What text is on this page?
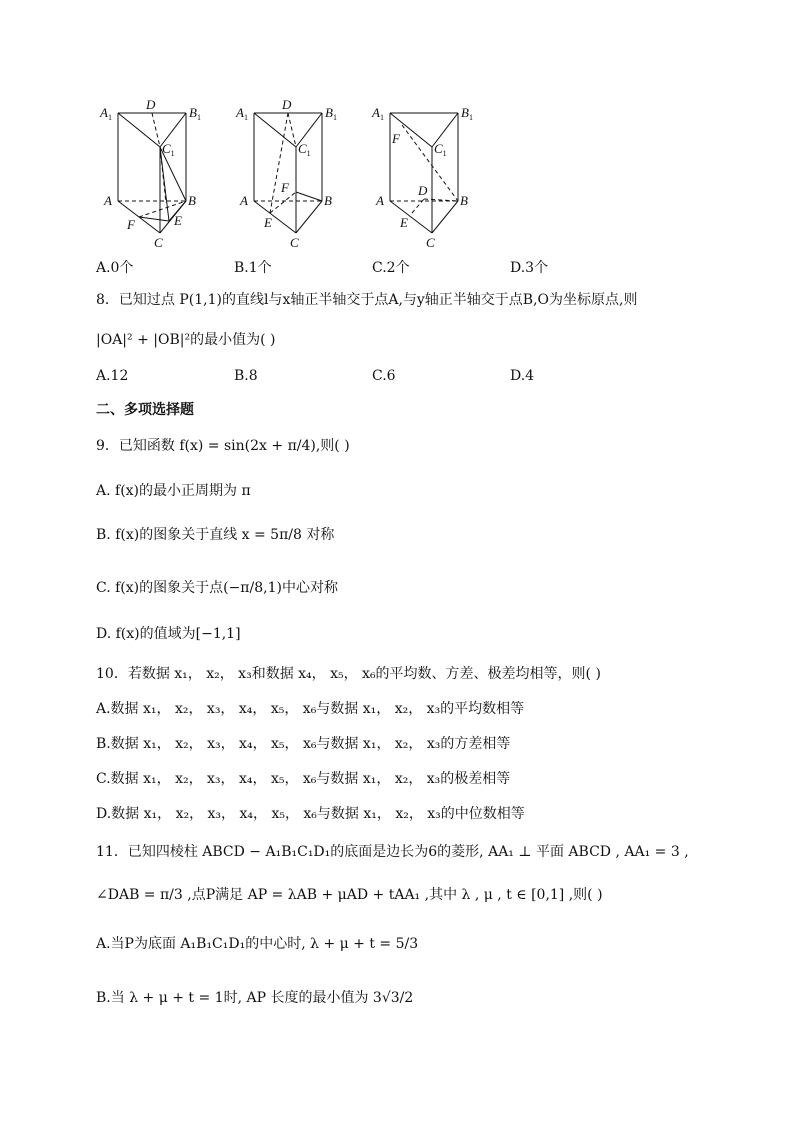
$A_1$
D
$B_1$
$C_1$
A	B
C
E
F
$A_1$
D
$B_1$
$C_1$
A	B
C
E
F
$A_1$	$B_1$
$C_1$
F
D
A	B
C
E
A.0个	B.1个	C.2个	D.3个
8．已知过点 P(1,1)的直线l与x轴正半轴交于点A,与y轴正半轴交于点B,O为坐标原点,则
|OA|² + |OB|²的最小值为( )
A.12	B.8	C.6	D.4
二、多项选择题
9．已知函数 f(x) = sin(2x + π/4),则( )
A. f(x)的最小正周期为 π
B. f(x)的图象关于直线 x = 5π/8 对称
C. f(x)的图象关于点(−π/8,1)中心对称
D. f(x)的值域为[−1,1]
10．若数据 x₁， x₂， x₃和数据 x₄， x₅， x₆的平均数、方差、极差均相等，则( )
A.数据 x₁， x₂， x₃， x₄， x₅， x₆与数据 x₁， x₂， x₃的平均数相等
B.数据 x₁， x₂， x₃， x₄， x₅， x₆与数据 x₁， x₂， x₃的方差相等
C.数据 x₁， x₂， x₃， x₄， x₅， x₆与数据 x₁， x₂， x₃的极差相等
D.数据 x₁， x₂， x₃， x₄， x₅， x₆与数据 x₁， x₂， x₃的中位数相等
11．已知四棱柱 ABCD − A₁B₁C₁D₁的底面是边长为6的菱形, AA₁ ⊥ 平面 ABCD , AA₁ = 3 ,
∠DAB = π/3 ,点P满足 AP = λAB + μAD + tAA₁ ,其中 λ , μ , t ∈ [0,1] ,则( )
A.当P为底面 A₁B₁C₁D₁的中心时, λ + μ + t = 5/3
B.当 λ + μ + t = 1时, AP 长度的最小值为 3√3/2
